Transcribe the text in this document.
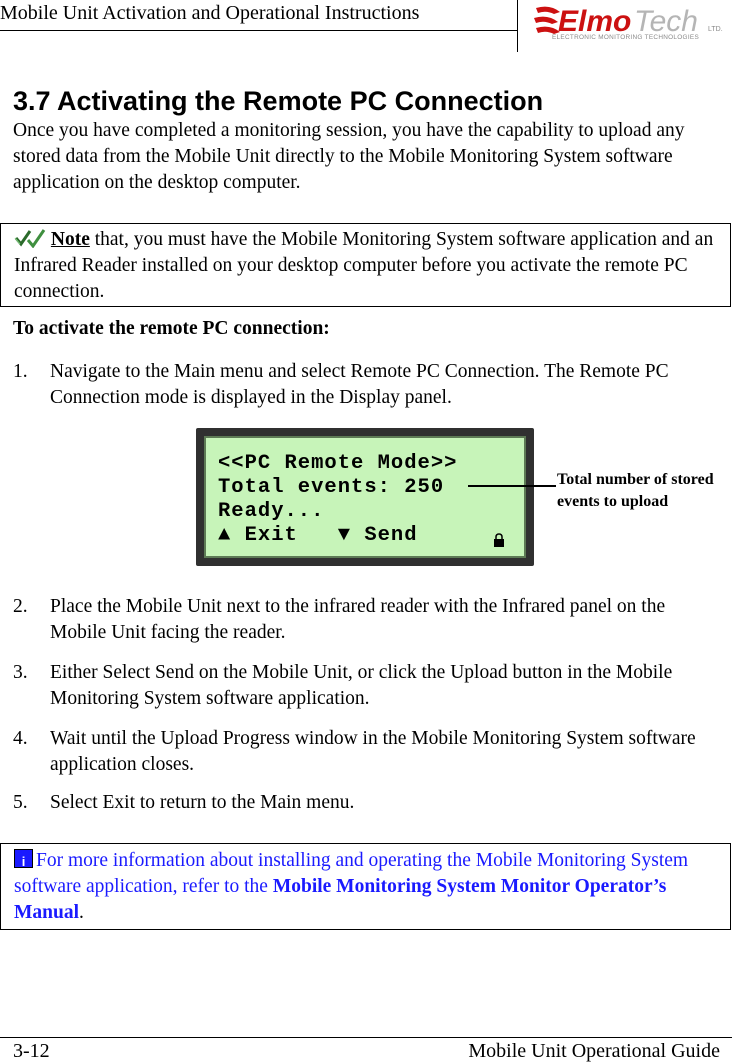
Mobile Unit Activation and Operational Instructions	Elmo Tech LTD.
ELECTRONIC MONITORING TECHNOLOGIES
3.7 Activating the Remote PC Connection
Once you have completed a monitoring session, you have the capability to upload any stored data from the Mobile Unit directly to the Mobile Monitoring System software application on the desktop computer.
Note that, you must have the Mobile Monitoring System software application and an Infrared Reader installed on your desktop computer before you activate the remote PC connection.
To activate the remote PC connection:
1. Navigate to the Main menu and select Remote PC Connection. The Remote PC Connection mode is displayed in the Display panel.
2. Place the Mobile Unit next to the infrared reader with the Infrared panel on the Mobile Unit facing the reader.
3. Either Select Send on the Mobile Unit, or click the Upload button in the Mobile Monitoring System software application.
4. Wait until the Upload Progress window in the Mobile Monitoring System software application closes.
5. Select Exit to return to the Main menu.
<<PC Remote Mode>>
Total events: 250
Ready...
▲ Exit   ▼ Send
Total number of stored events to upload
i For more information about installing and operating the Mobile Monitoring System software application, refer to the Mobile Monitoring System Monitor Operator’s Manual.
3-12	Mobile Unit Operational Guide
